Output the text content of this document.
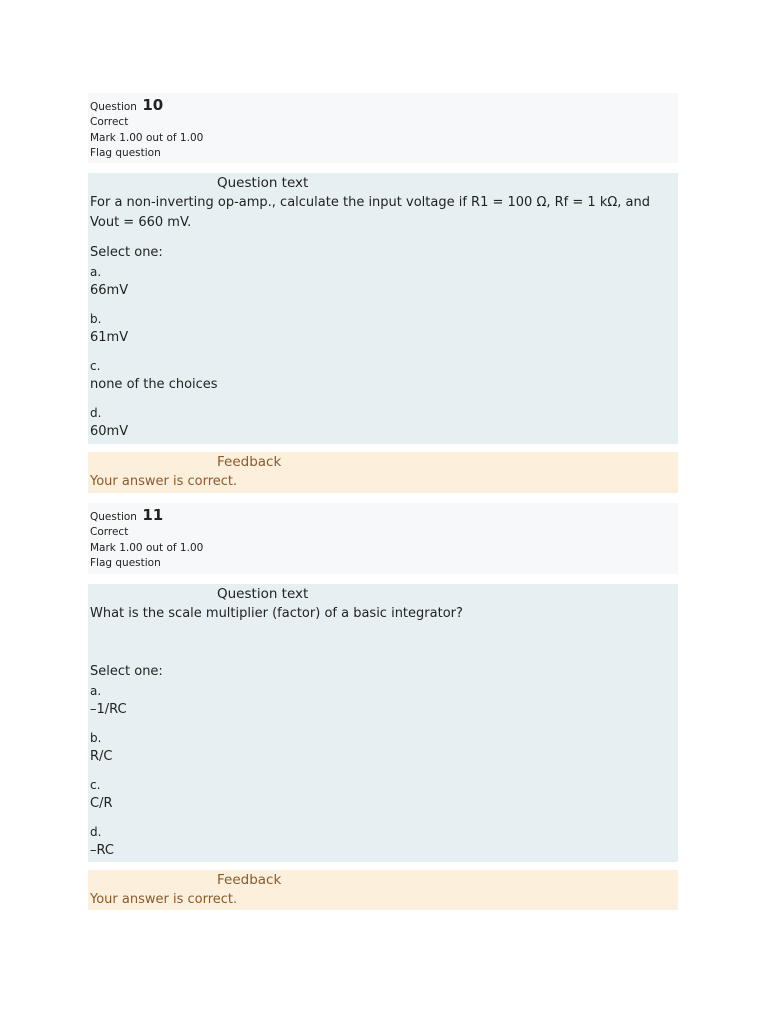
Question 10
Correct
Mark 1.00 out of 1.00
Flag question
Question text
For a non-inverting op-amp., calculate the input voltage if R1 = 100 Ω, Rf = 1 kΩ, and Vout = 660 mV.
Select one:
a.
66mV
b.
61mV
c.
none of the choices
d.
60mV
Feedback
Your answer is correct.
Question 11
Correct
Mark 1.00 out of 1.00
Flag question
Question text
What is the scale multiplier (factor) of a basic integrator?
Select one:
a.
–1/RC
b.
R/C
c.
C/R
d.
–RC
Feedback
Your answer is correct.
